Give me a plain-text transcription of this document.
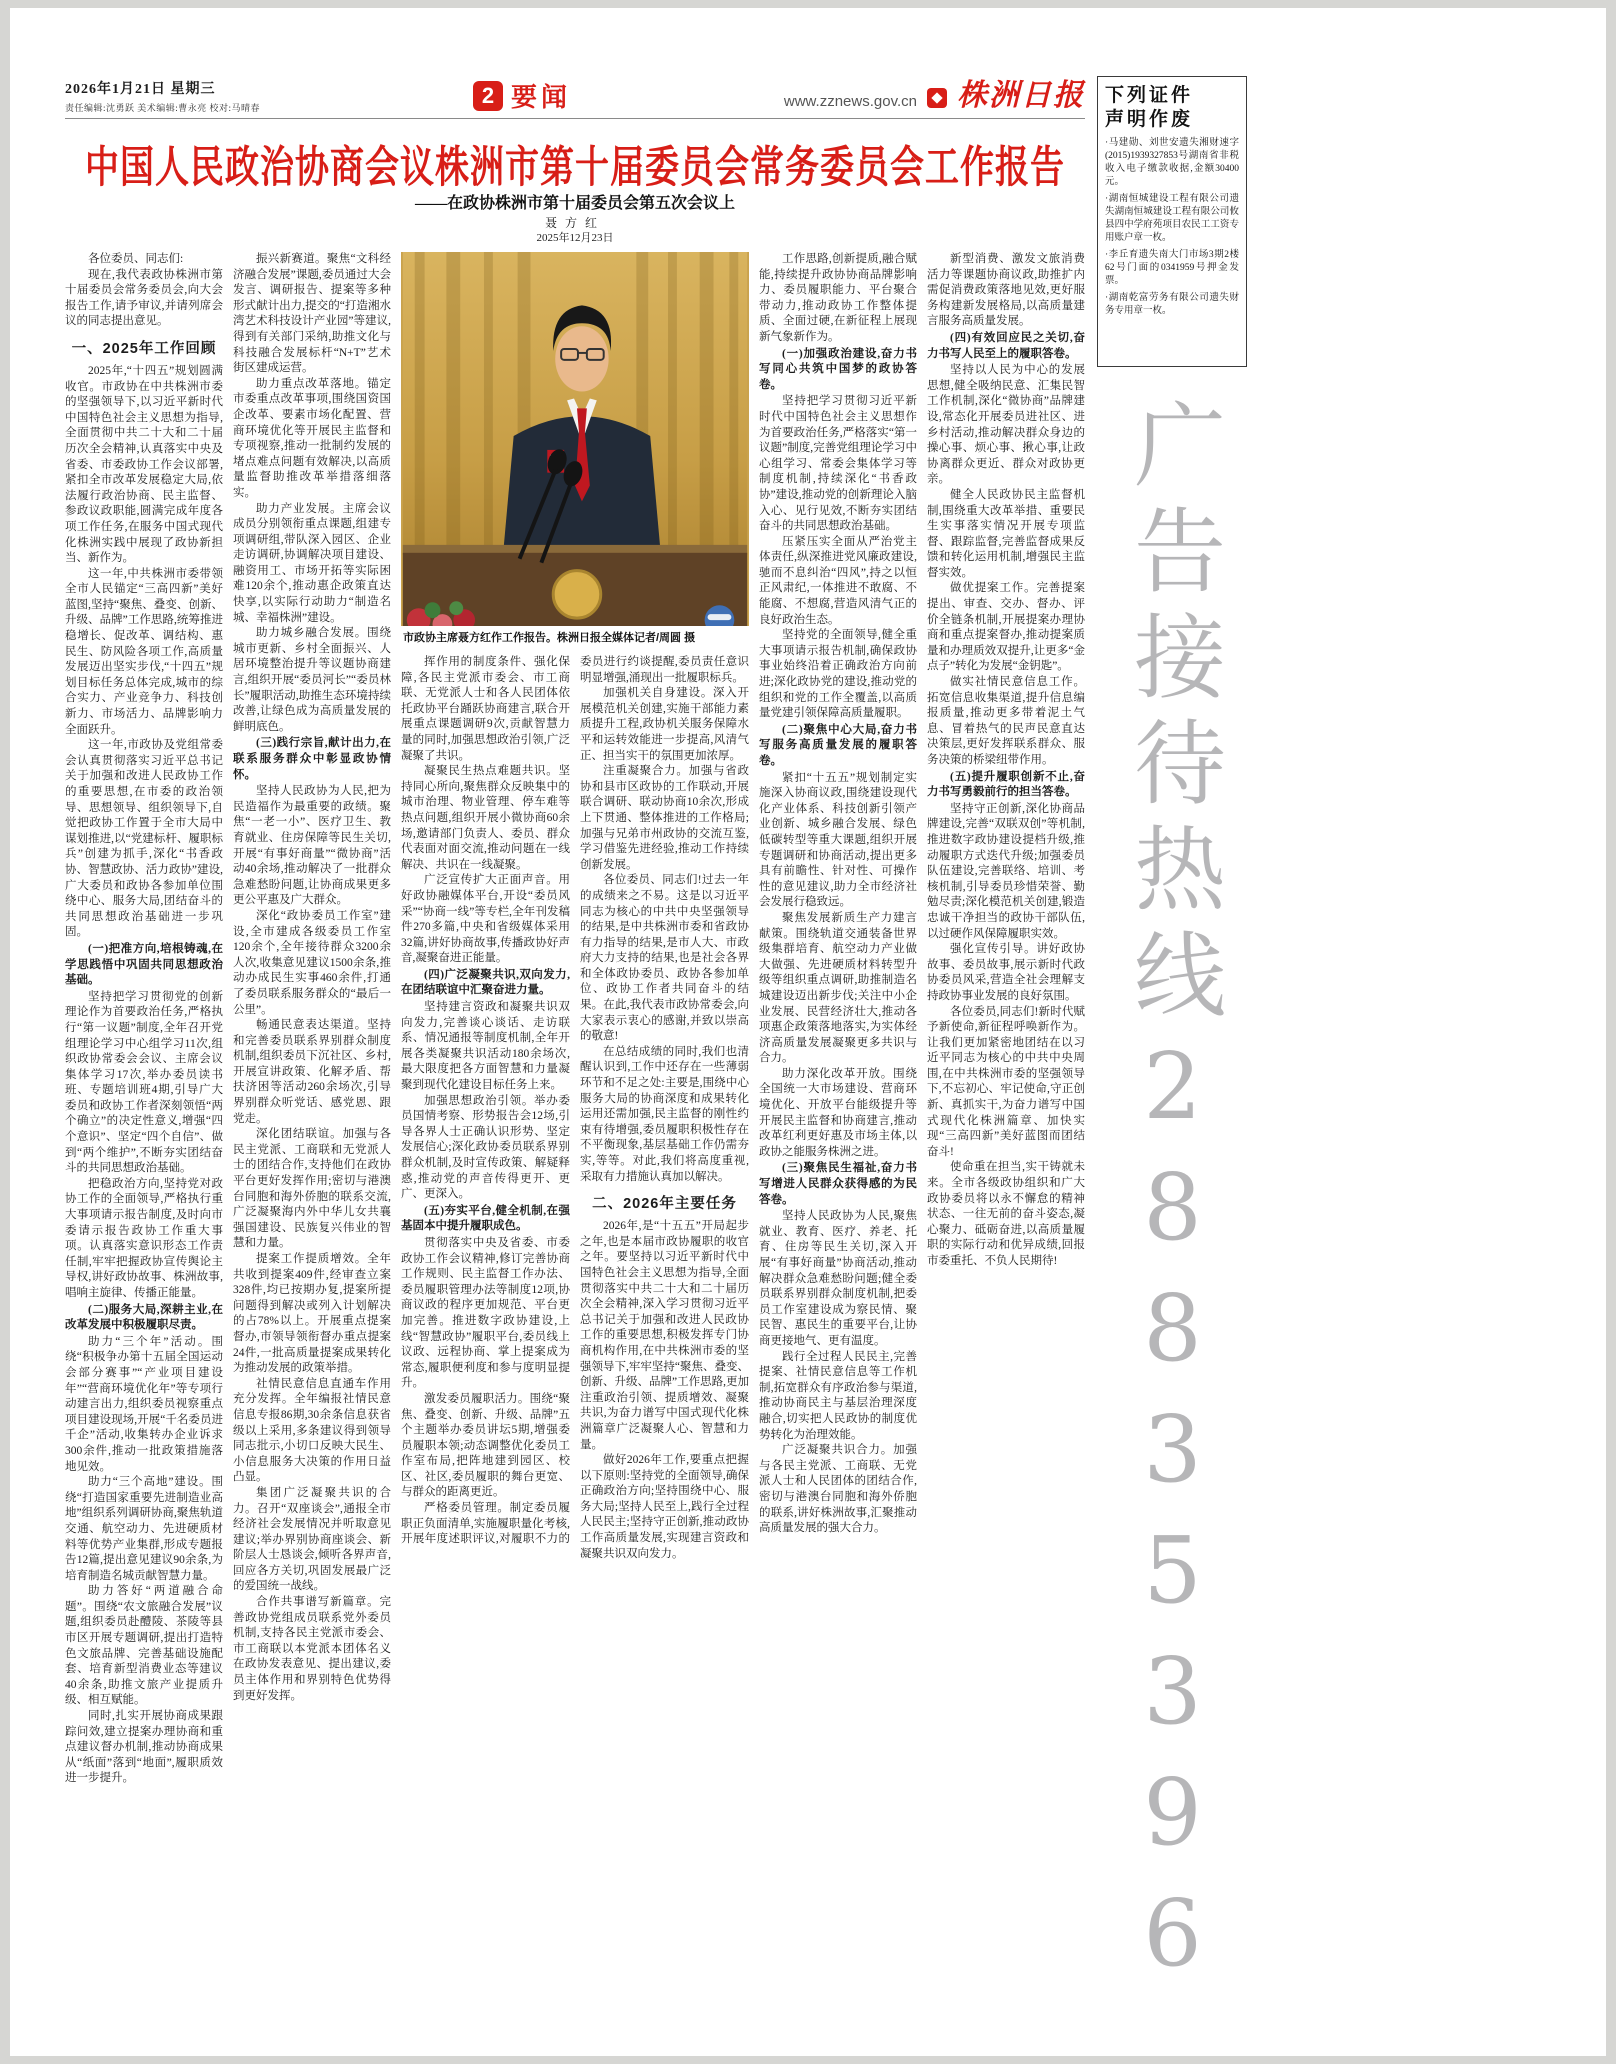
2026年1月21日 星期三
责任编辑:沈勇跃 美术编辑:曹永亮 校对:马晴春
2 要闻	www.zznews.gov.cn 株洲日报
中国人民政治协商会议株洲市第十届委员会常务委员会工作报告
——在政协株洲市第十届委员会第五次会议上
聂方红
2025年12月23日

各位委员、同志们:

现在,我代表政协株洲市第十届委员会常务委员会,向大会报告工作,请予审议,并请列席会议的同志提出意见。

一、2025年工作回顾

2025年,“十四五”规划圆满收官。市政协在中共株洲市委的坚强领导下,以习近平新时代中国特色社会主义思想为指导,全面贯彻中共二十大和二十届历次全会精神,认真落实中央及省委、市委政协工作会议部署,紧扣全市改革发展稳定大局,依法履行政治协商、民主监督、参政议政职能,圆满完成年度各项工作任务,在服务中国式现代化株洲实践中展现了政协新担当、新作为。

这一年,中共株洲市委带领全市人民锚定“三高四新”美好蓝图,坚持“聚焦、叠变、创新、升级、品牌”工作思路,统筹推进稳增长、促改革、调结构、惠民生、防风险各项工作,高质量发展迈出坚实步伐,“十四五”规划目标任务总体完成,城市的综合实力、产业竞争力、科技创新力、市场活力、品牌影响力全面跃升。

这一年,市政协及党组常委会认真贯彻落实习近平总书记关于加强和改进人民政协工作的重要思想,在市委的政治领导、思想领导、组织领导下,自觉把政协工作置于全市大局中谋划推进,以“党建标杆、履职标兵”创建为抓手,深化“书香政协、智慧政协、活力政协”建设,广大委员和政协各参加单位围绕中心、服务大局,团结奋斗的共同思想政治基础进一步巩固。

(一)把准方向,培根铸魂,在学思践悟中巩固共同思想政治基础。

坚持把学习贯彻党的创新理论作为首要政治任务,严格执行“第一议题”制度,全年召开党组理论学习中心组学习11次,组织政协常委会会议、主席会议集体学习17次,举办委员读书班、专题培训班4期,引导广大委员和政协工作者深刻领悟“两个确立”的决定性意义,增强“四个意识”、坚定“四个自信”、做到“两个维护”,不断夯实团结奋斗的共同思想政治基础。

把稳政治方向,坚持党对政协工作的全面领导,严格执行重大事项请示报告制度,及时向市委请示报告政协工作重大事项。认真落实意识形态工作责任制,牢牢把握政协宣传舆论主导权,讲好政协故事、株洲故事,唱响主旋律、传播正能量。

(二)服务大局,深耕主业,在改革发展中积极履职尽责。

助力“三个年”活动。围绕“积极争办第十五届全国运动会部分赛事”“产业项目建设年”“营商环境优化年”等专项行动建言出力,组织委员视察重点项目建设现场,开展“千名委员进千企”活动,收集转办企业诉求300余件,推动一批政策措施落地见效。

助力“三个高地”建设。围绕“打造国家重要先进制造业高地”组织系列调研协商,聚焦轨道交通、航空动力、先进硬质材料等优势产业集群,形成专题报告12篇,提出意见建议90余条,为培育制造名城贡献智慧力量。

助力答好“两道融合命题”。围绕“农文旅融合发展”议题,组织委员赴醴陵、茶陵等县市区开展专题调研,提出打造特色文旅品牌、完善基础设施配套、培育新型消费业态等建议40余条,助推文旅产业提质升级、相互赋能。

同时,扎实开展协商成果跟踪问效,建立提案办理协商和重点建议督办机制,推动协商成果从“纸面”落到“地面”,履职质效进一步提升。

振兴新赛道。聚焦“文科经济融合发展”课题,委员通过大会发言、调研报告、提案等多种形式献计出力,提交的“打造湘水湾艺术科技设计产业园”等建议,得到有关部门采纳,助推文化与科技融合发展标杆“N+T”艺术街区建成运营。

助力重点改革落地。锚定市委重点改革事项,围绕国资国企改革、要素市场化配置、营商环境优化等开展民主监督和专项视察,推动一批制约发展的堵点难点问题有效解决,以高质量监督助推改革举措落细落实。

助力产业发展。主席会议成员分别领衔重点课题,组建专项调研组,带队深入园区、企业走访调研,协调解决项目建设、融资用工、市场开拓等实际困难120余个,推动惠企政策直达快享,以实际行动助力“制造名城、幸福株洲”建设。

助力城乡融合发展。围绕城市更新、乡村全面振兴、人居环境整治提升等议题协商建言,组织开展“委员河长”“委员林长”履职活动,助推生态环境持续改善,让绿色成为高质量发展的鲜明底色。

(三)践行宗旨,献计出力,在联系服务群众中彰显政协情怀。

坚持人民政协为人民,把为民造福作为最重要的政绩。聚焦“一老一小”、医疗卫生、教育就业、住房保障等民生关切,开展“有事好商量”“微协商”活动40余场,推动解决了一批群众急难愁盼问题,让协商成果更多更公平惠及广大群众。

深化“政协委员工作室”建设,全市建成各级委员工作室120余个,全年接待群众3200余人次,收集意见建议1500余条,推动办成民生实事460余件,打通了委员联系服务群众的“最后一公里”。

畅通民意表达渠道。坚持和完善委员联系界别群众制度机制,组织委员下沉社区、乡村,开展宣讲政策、化解矛盾、帮扶济困等活动260余场次,引导界别群众听党话、感党恩、跟党走。

深化团结联谊。加强与各民主党派、工商联和无党派人士的团结合作,支持他们在政协平台更好发挥作用;密切与港澳台同胞和海外侨胞的联系交流,广泛凝聚海内外中华儿女共襄强国建设、民族复兴伟业的智慧和力量。

提案工作提质增效。全年共收到提案409件,经审查立案328件,均已按期办复,提案所提问题得到解决或列入计划解决的占78%以上。开展重点提案督办,市领导领衔督办重点提案24件,一批高质量提案成果转化为推动发展的政策举措。

社情民意信息直通车作用充分发挥。全年编报社情民意信息专报86期,30余条信息获省级以上采用,多条建议得到领导同志批示,小切口反映大民生、小信息服务大决策的作用日益凸显。

集团广泛凝聚共识的合力。召开“双座谈会”,通报全市经济社会发展情况并听取意见建议;举办界别协商座谈会、新阶层人士恳谈会,倾听各界声音,回应各方关切,巩固发展最广泛的爱国统一战线。

合作共事谱写新篇章。完善政协党组成员联系党外委员机制,支持各民主党派市委会、市工商联以本党派本团体名义在政协发表意见、提出建议,委员主体作用和界别特色优势得到更好发挥。

市政协主席聂方红作工作报告。株洲日报全媒体记者/周圆 摄

挥作用的制度条件、强化保障,各民主党派市委会、市工商联、无党派人士和各人民团体依托政协平台踊跃协商建言,联合开展重点课题调研9次,贡献智慧力量的同时,加强思想政治引领,广泛凝聚了共识。

凝聚民生热点难题共识。坚持同心所向,聚焦群众反映集中的城市治理、物业管理、停车难等热点问题,组织开展小微协商60余场,邀请部门负责人、委员、群众代表面对面交流,推动问题在一线解决、共识在一线凝聚。

广泛宣传扩大正面声音。用好政协融媒体平台,开设“委员风采”“协商一线”等专栏,全年刊发稿件270多篇,中央和省级媒体采用32篇,讲好协商故事,传播政协好声音,凝聚奋进正能量。

(四)广泛凝聚共识,双向发力,在团结联谊中汇聚奋进力量。

坚持建言资政和凝聚共识双向发力,完善谈心谈话、走访联系、情况通报等制度机制,全年开展各类凝聚共识活动180余场次,最大限度把各方面智慧和力量凝聚到现代化建设目标任务上来。

加强思想政治引领。举办委员国情考察、形势报告会12场,引导各界人士正确认识形势、坚定发展信心;深化政协委员联系界别群众机制,及时宣传政策、解疑释惑,推动党的声音传得更开、更广、更深入。

(五)夯实平台,健全机制,在强基固本中提升履职成色。

贯彻落实中央及省委、市委政协工作会议精神,修订完善协商工作规则、民主监督工作办法、委员履职管理办法等制度12项,协商议政的程序更加规范、平台更加完善。推进数字政协建设,上线“智慧政协”履职平台,委员线上议政、远程协商、掌上提案成为常态,履职便利度和参与度明显提升。

激发委员履职活力。围绕“聚焦、叠变、创新、升级、品牌”五个主题举办委员讲坛5期,增强委员履职本领;动态调整优化委员工作室布局,把阵地建到园区、校区、社区,委员履职的舞台更宽、与群众的距离更近。

严格委员管理。制定委员履职正负面清单,实施履职量化考核,开展年度述职评议,对履职不力的委员进行约谈提醒,委员责任意识明显增强,涌现出一批履职标兵。

加强机关自身建设。深入开展模范机关创建,实施干部能力素质提升工程,政协机关服务保障水平和运转效能进一步提高,风清气正、担当实干的氛围更加浓厚。

注重凝聚合力。加强与省政协和县市区政协的工作联动,开展联合调研、联动协商10余次,形成上下贯通、整体推进的工作格局;加强与兄弟市州政协的交流互鉴,学习借鉴先进经验,推动工作持续创新发展。

各位委员、同志们!过去一年的成绩来之不易。这是以习近平同志为核心的中共中央坚强领导的结果,是中共株洲市委和省政协有力指导的结果,是市人大、市政府大力支持的结果,也是社会各界和全体政协委员、政协各参加单位、政协工作者共同奋斗的结果。在此,我代表市政协常委会,向大家表示衷心的感谢,并致以崇高的敬意!

在总结成绩的同时,我们也清醒认识到,工作中还存在一些薄弱环节和不足之处:主要是,围绕中心服务大局的协商深度和成果转化运用还需加强,民主监督的刚性约束有待增强,委员履职积极性存在不平衡现象,基层基础工作仍需夯实,等等。对此,我们将高度重视,采取有力措施认真加以解决。

二、2026年主要任务

2026年,是“十五五”开局起步之年,也是本届市政协履职的收官之年。要坚持以习近平新时代中国特色社会主义思想为指导,全面贯彻落实中共二十大和二十届历次全会精神,深入学习贯彻习近平总书记关于加强和改进人民政协工作的重要思想,积极发挥专门协商机构作用,在中共株洲市委的坚强领导下,牢牢坚持“聚焦、叠变、创新、升级、品牌”工作思路,更加注重政治引领、提质增效、凝聚共识,为奋力谱写中国式现代化株洲篇章广泛凝聚人心、智慧和力量。

做好2026年工作,要重点把握以下原则:坚持党的全面领导,确保正确政治方向;坚持围绕中心、服务大局;坚持人民至上,践行全过程人民民主;坚持守正创新,推动政协工作高质量发展,实现建言资政和凝聚共识双向发力。

工作思路,创新提质,融合赋能,持续提升政协协商品牌影响力、委员履职能力、平台聚合带动力,推动政协工作整体提质、全面过硬,在新征程上展现新气象新作为。

(一)加强政治建设,奋力书写同心共筑中国梦的政协答卷。

坚持把学习贯彻习近平新时代中国特色社会主义思想作为首要政治任务,严格落实“第一议题”制度,完善党组理论学习中心组学习、常委会集体学习等制度机制,持续深化“书香政协”建设,推动党的创新理论入脑入心、见行见效,不断夯实团结奋斗的共同思想政治基础。

压紧压实全面从严治党主体责任,纵深推进党风廉政建设,驰而不息纠治“四风”,持之以恒正风肃纪,一体推进不敢腐、不能腐、不想腐,营造风清气正的良好政治生态。

坚持党的全面领导,健全重大事项请示报告机制,确保政协事业始终沿着正确政治方向前进;深化政协党的建设,推动党的组织和党的工作全覆盖,以高质量党建引领保障高质量履职。

(二)聚焦中心大局,奋力书写服务高质量发展的履职答卷。

紧扣“十五五”规划制定实施深入协商议政,围绕建设现代化产业体系、科技创新引领产业创新、城乡融合发展、绿色低碳转型等重大课题,组织开展专题调研和协商活动,提出更多具有前瞻性、针对性、可操作性的意见建议,助力全市经济社会发展行稳致远。

聚焦发展新质生产力建言献策。围绕轨道交通装备世界级集群培育、航空动力产业做大做强、先进硬质材料转型升级等组织重点调研,助推制造名城建设迈出新步伐;关注中小企业发展、民营经济壮大,推动各项惠企政策落地落实,为实体经济高质量发展凝聚更多共识与合力。

助力深化改革开放。围绕全国统一大市场建设、营商环境优化、开放平台能级提升等开展民主监督和协商建言,推动改革红利更好惠及市场主体,以政协之能服务株洲之进。

(三)聚焦民生福祉,奋力书写增进人民群众获得感的为民答卷。

坚持人民政协为人民,聚焦就业、教育、医疗、养老、托育、住房等民生关切,深入开展“有事好商量”协商活动,推动解决群众急难愁盼问题;健全委员联系界别群众制度机制,把委员工作室建设成为察民情、聚民智、惠民生的重要平台,让协商更接地气、更有温度。

践行全过程人民民主,完善提案、社情民意信息等工作机制,拓宽群众有序政治参与渠道,推动协商民主与基层治理深度融合,切实把人民政协的制度优势转化为治理效能。

广泛凝聚共识合力。加强与各民主党派、工商联、无党派人士和人民团体的团结合作,密切与港澳台同胞和海外侨胞的联系,讲好株洲故事,汇聚推动高质量发展的强大合力。

新型消费、激发文旅消费活力等课题协商议政,助推扩内需促消费政策落地见效,更好服务构建新发展格局,以高质量建言服务高质量发展。

(四)有效回应民之关切,奋力书写人民至上的履职答卷。

坚持以人民为中心的发展思想,健全吸纳民意、汇集民智工作机制,深化“微协商”品牌建设,常态化开展委员进社区、进乡村活动,推动解决群众身边的操心事、烦心事、揪心事,让政协离群众更近、群众对政协更亲。

健全人民政协民主监督机制,围绕重大改革举措、重要民生实事落实情况开展专项监督、跟踪监督,完善监督成果反馈和转化运用机制,增强民主监督实效。

做优提案工作。完善提案提出、审查、交办、督办、评价全链条机制,开展提案办理协商和重点提案督办,推动提案质量和办理质效双提升,让更多“金点子”转化为发展“金钥匙”。

做实社情民意信息工作。拓宽信息收集渠道,提升信息编报质量,推动更多带着泥土气息、冒着热气的民声民意直达决策层,更好发挥联系群众、服务决策的桥梁纽带作用。

(五)提升履职创新不止,奋力书写勇毅前行的担当答卷。

坚持守正创新,深化协商品牌建设,完善“双联双创”等机制,推进数字政协建设提档升级,推动履职方式迭代升级;加强委员队伍建设,完善联络、培训、考核机制,引导委员珍惜荣誉、勤勉尽责;深化模范机关创建,锻造忠诚干净担当的政协干部队伍,以过硬作风保障履职实效。

强化宣传引导。讲好政协故事、委员故事,展示新时代政协委员风采,营造全社会理解支持政协事业发展的良好氛围。

各位委员,同志们!新时代赋予新使命,新征程呼唤新作为。让我们更加紧密地团结在以习近平同志为核心的中共中央周围,在中共株洲市委的坚强领导下,不忘初心、牢记使命,守正创新、真抓实干,为奋力谱写中国式现代化株洲篇章、加快实现“三高四新”美好蓝图而团结奋斗!

使命重在担当,实干铸就未来。全市各级政协组织和广大政协委员将以永不懈怠的精神状态、一往无前的奋斗姿态,凝心聚力、砥砺奋进,以高质量履职的实际行动和优异成绩,回报市委重托、不负人民期待!

下列证件
声明作废

·马建勋、刘世安遗失湘财速字(2015)1939327853号湖南省非税收入电子缴款收据,金额30400元。

·湖南恒城建设工程有限公司遗失湖南恒城建设工程有限公司攸县四中学府苑项目农民工工资专用账户章一枚。

·李丘育遗失南大门市场3期2楼62号门面的0341959号押金发票。

·湖南乾富劳务有限公司遗失财务专用章一枚。

广告接待热线28835396
